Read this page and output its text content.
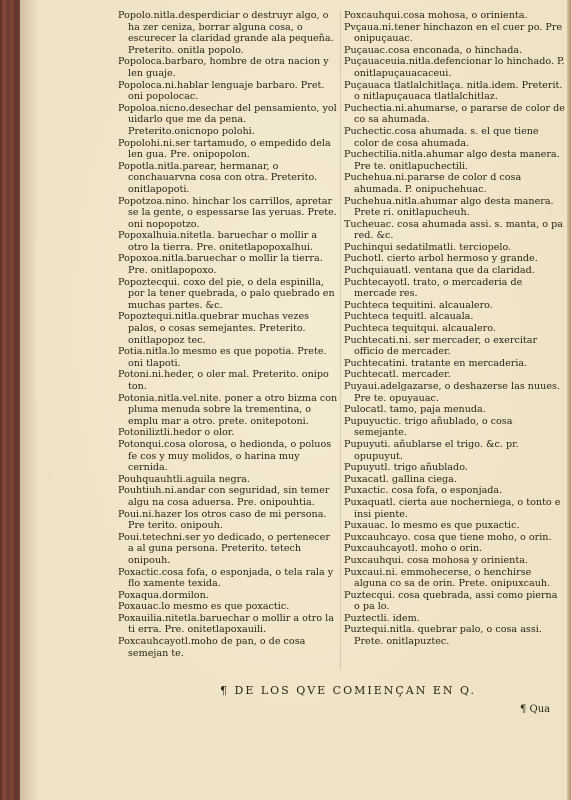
Popolo.nitla.desperdiciar o destruyr algo, o ha zer ceniza, borrar alguna cosa, o escurecer la claridad grande ala pequeña. Preterito. onitla popolo.

Popoloca.barbaro, hombre de otra nacion y len guaje.

Popoloca.ni.hablar lenguaje barbaro. Pret. oni popolocac.

Popoloa.nicno.desechar del pensamiento, yol uidarlo que me da pena. Preterito.onicnopo polohi.

Popolohi.ni.ser tartamudo, o empedido dela len gua. Pre. onipopolon.

Popotla.nitla.parear, hermanar, o conchauarvna cosa con otra. Preterito. onitlapopoti.

Popotzoa.nino. hinchar los carrillos, apretar se la gente, o espessarse las yeruas. Prete. oni nopopotzo.

Popoxalhuia.nitetla. baruechar o mollir a otro la tierra. Pre. onitetlapopoxalhui.

Popoxoa.nitla.baruechar o mollir la tierra. Pre. onitlapopoxo.

Popoztecqui. coxo del pie, o dela espinilla, por la tener quebrada, o palo quebrado en muchas partes. &c.

Popoztequi.nitla.quebrar muchas vezes palos, o cosas semejantes. Preterito. onitlapopoz tec.

Potia.nitla.lo mesmo es que popotia. Prete. oni tlapoti.

Potoni.ni.heder, o oler mal. Preterito. onipo ton.

Potonia.nitla.vel.nite. poner a otro bizma con pluma menuda sobre la trementina, o emplu mar a otro. prete. onitepotoni.

Potoniliztli.hedor o olor.

Potonqui.cosa olorosa, o hedionda, o poluos fe cos y muy molidos, o harina muy cernida.

Pouhquauhtli.aguila negra.

Pouhtiuh.ni.andar con seguridad, sin temer algu na cosa aduersa. Pre. onipouhtia.

Poui.ni.hazer los otros caso de mi persona. Pre terito. onipouh.

Poui.tetechni.ser yo dedicado, o pertenecer a al guna persona. Preterito. tetech onipouh.

Poxactic.cosa fofa, o esponjada, o tela rala y flo xamente texida.

Poxaqua.dormilon.

Poxauac.lo mesmo es que poxactic.

Poxauilia.nitetla.baruechar o mollir a otro la ti erra. Pre. onitetlapoxauili.

Poxcauhcayotl.moho de pan, o de cosa semejan te.

Poxcauhqui.cosa mohosa, o orinienta.

Pvçaua.ni.tener hinchazon en el cuer po. Pre onipuçauac.

Puçauac.cosa enconada, o hinchada.

Puçauaceuia.nitla.defencionar lo hinchado. P. onitlapuçauacaceui.

Puçauaca tlatlalchitlaça. nitla.idem. Preterit. o nitlapuçauaca tlatlalchitlaz.

Puchectia.ni.ahumarse, o pararse de color de co sa ahumada.

Puchectic.cosa ahumada. s. el que tiene color de cosa ahumada.

Puchectilia.nitla.ahumar algo desta manera. Pre te. onitlapuchectili.

Puchehua.ni.pararse de color d cosa ahumada. P. onipuchehuac.

Puchehua.nitla.ahumar algo desta manera. Prete ri. onitlapucheuh.

Tucheuac. cosa ahumada assi. s. manta, o pa red. &c.

Puchinqui sedatilmatli. terciopelo.

Puchotl. cierto arbol hermoso y grande.

Puchquiauatl. ventana que da claridad.

Puchtecayotl. trato, o mercaderia de mercade res.

Puchteca tequitini. alcaualero.

Puchteca tequitl. alcauala.

Puchteca tequitqui. alcaualero.

Puchtecati.ni. ser mercader, o exercitar officio de mercader.

Puchtecatini. tratante en mercaderia.

Puchtecatl. mercader.

Puyaui.adelgazarse, o deshazerse las nuues. Pre te. opuyauac.

Pulocatl. tamo, paja menuda.

Pupuyuctic. trigo añublado, o cosa semejante.

Pupuyuti. añublarse el trigo. &c. pr. opupuyut.

Pupuyutl. trigo añublado.

Puxacatl. gallina ciega.

Puxactic. cosa fofa, o esponjada.

Puxaquatl. cierta aue nocherniega, o tonto e insi piente.

Puxauac. lo mesmo es que puxactic.

Puxcauhcayo. cosa que tiene moho, o orin.

Puxcauhcayotl. moho o orin.

Puxcauhqui. cosa mohosa y orinienta.

Puxcaui.ni. emmohecerse, o henchirse alguna co sa de orin. Prete. onipuxcauh.

Puztecqui. cosa quebrada, assi como pierna o pa lo.

Puztectli. idem.

Puztequi.nitla. quebrar palo, o cosa assi. Prete. onitlapuztec.

¶ DE LOS QVE COMIENÇAN EN Q.
¶ Qua
